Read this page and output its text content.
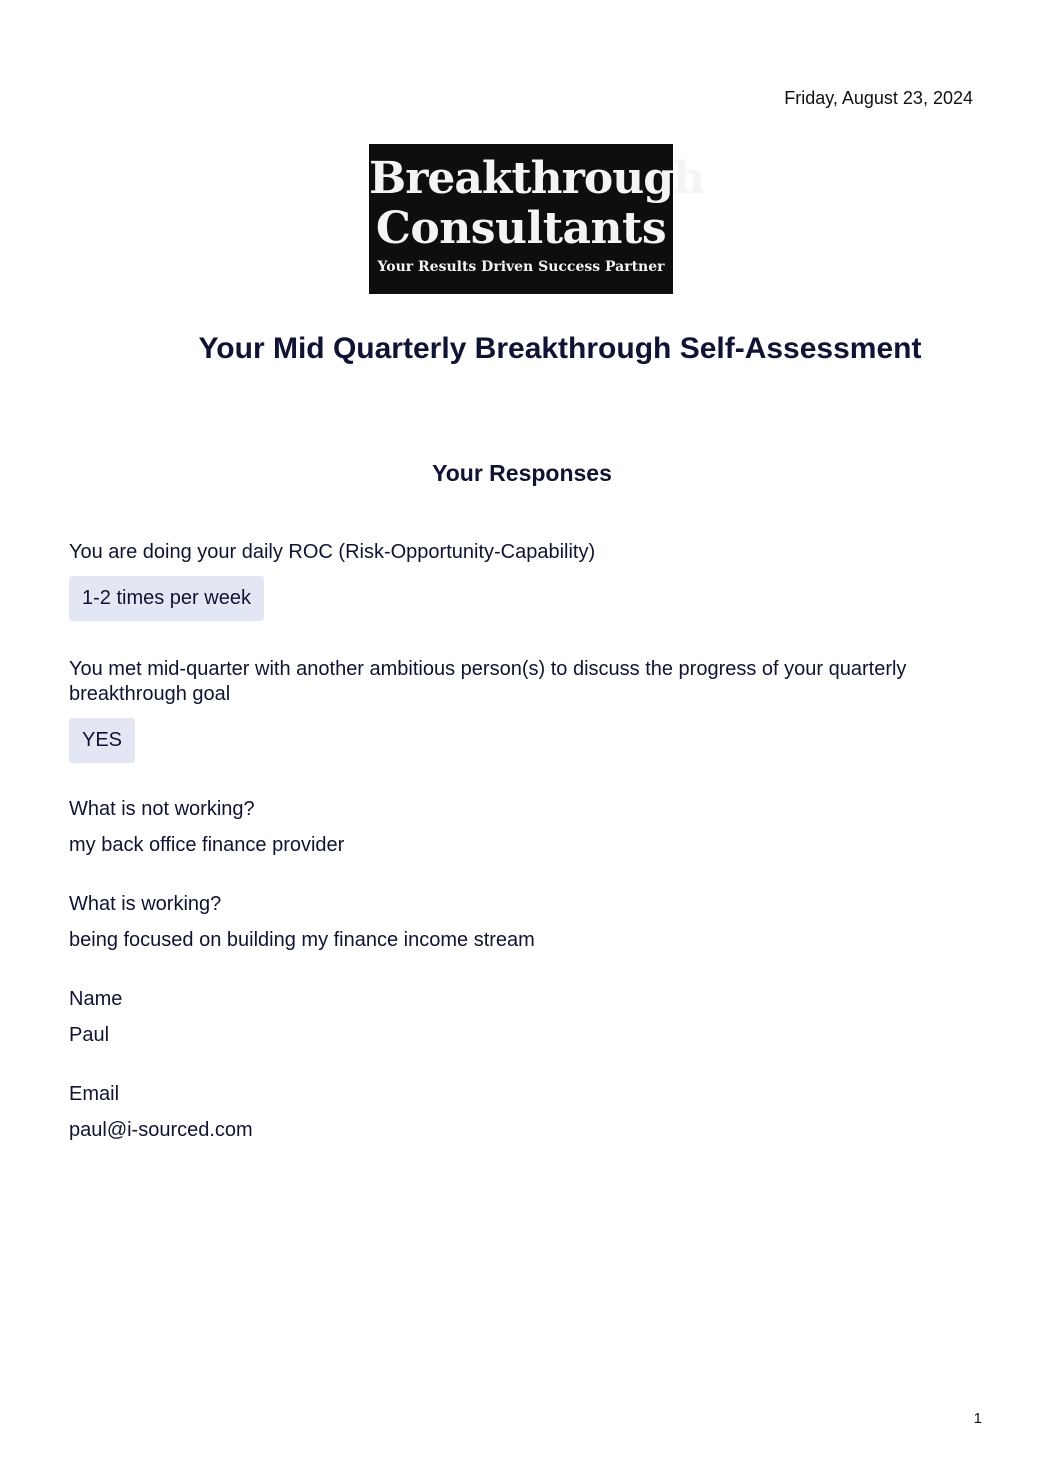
Friday, August 23, 2024
Breakthrough
Consultants
Your Results Driven Success Partner
Your Mid Quarterly Breakthrough Self-Assessment
Your Responses
You are doing your daily ROC (Risk-Opportunity-Capability)
1-2 times per week
You met mid-quarter with another ambitious person(s) to discuss the progress of your quarterly breakthrough goal
YES
What is not working?
my back office finance provider
What is working?
being focused on building my finance income stream
Name
Paul
Email
paul@i-sourced.com
1
